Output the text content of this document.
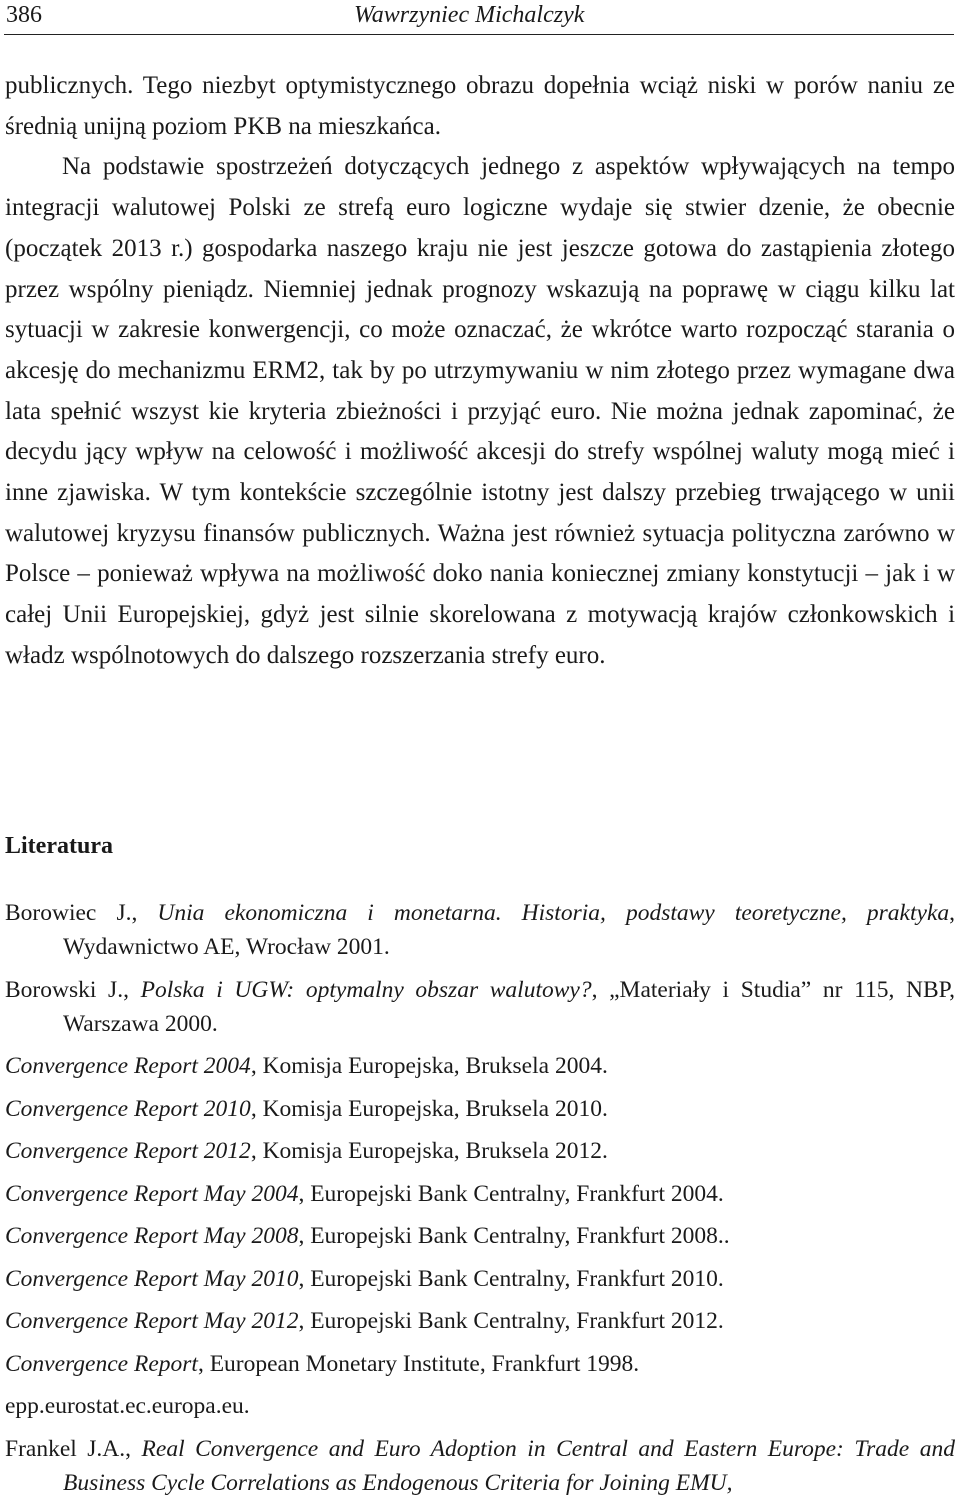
386	Wawrzyniec Michalczyk

publicznych. Tego niezbyt optymistycznego obrazu dopełnia wciąż niski w porów naniu ze średnią unijną poziom PKB na mieszkańca.

Na podstawie spostrzeżeń dotyczących jednego z aspektów wpływających na tempo integracji walutowej Polski ze strefą euro logiczne wydaje się stwier dzenie, że obecnie (początek 2013 r.) gospodarka naszego kraju nie jest jeszcze gotowa do zastąpienia złotego przez wspólny pieniądz. Niemniej jednak prognozy wskazują na poprawę w ciągu kilku lat sytuacji w zakresie konwergencji, co może oznaczać, że wkrótce warto rozpocząć starania o akcesję do mechanizmu ERM2, tak by po utrzymywaniu w nim złotego przez wymagane dwa lata spełnić wszyst kie kryteria zbieżności i przyjąć euro. Nie można jednak zapominać, że decydu jący wpływ na celowość i możliwość akcesji do strefy wspólnej waluty mogą mieć i inne zjawiska. W tym kontekście szczególnie istotny jest dalszy przebieg trwającego w unii walutowej kryzysu finansów publicznych. Ważna jest również sytuacja polityczna zarówno w Polsce – ponieważ wpływa na możliwość doko nania koniecznej zmiany konstytucji – jak i w całej Unii Europejskiej, gdyż jest silnie skorelowana z motywacją krajów członkowskich i władz wspólnotowych do dalszego rozszerzania strefy euro.

Literatura

Borowiec J., Unia ekonomiczna i monetarna. Historia, podstawy teoretyczne, praktyka, Wydawnictwo AE, Wrocław 2001.

Borowski J., Polska i UGW: optymalny obszar walutowy?, „Materiały i Studia” nr 115, NBP, Warszawa 2000.

Convergence Report 2004, Komisja Europejska, Bruksela 2004.

Convergence Report 2010, Komisja Europejska, Bruksela 2010.

Convergence Report 2012, Komisja Europejska, Bruksela 2012.

Convergence Report May 2004, Europejski Bank Centralny, Frankfurt 2004.

Convergence Report May 2008, Europejski Bank Centralny, Frankfurt 2008..

Convergence Report May 2010, Europejski Bank Centralny, Frankfurt 2010.

Convergence Report May 2012, Europejski Bank Centralny, Frankfurt 2012.

Convergence Report, European Monetary Institute, Frankfurt 1998.

epp.eurostat.ec.europa.eu.

Frankel J.A., Real Convergence and Euro Adoption in Central and Eastern Europe: Trade and Business Cycle Correlations as Endogenous Criteria for Joining EMU,
